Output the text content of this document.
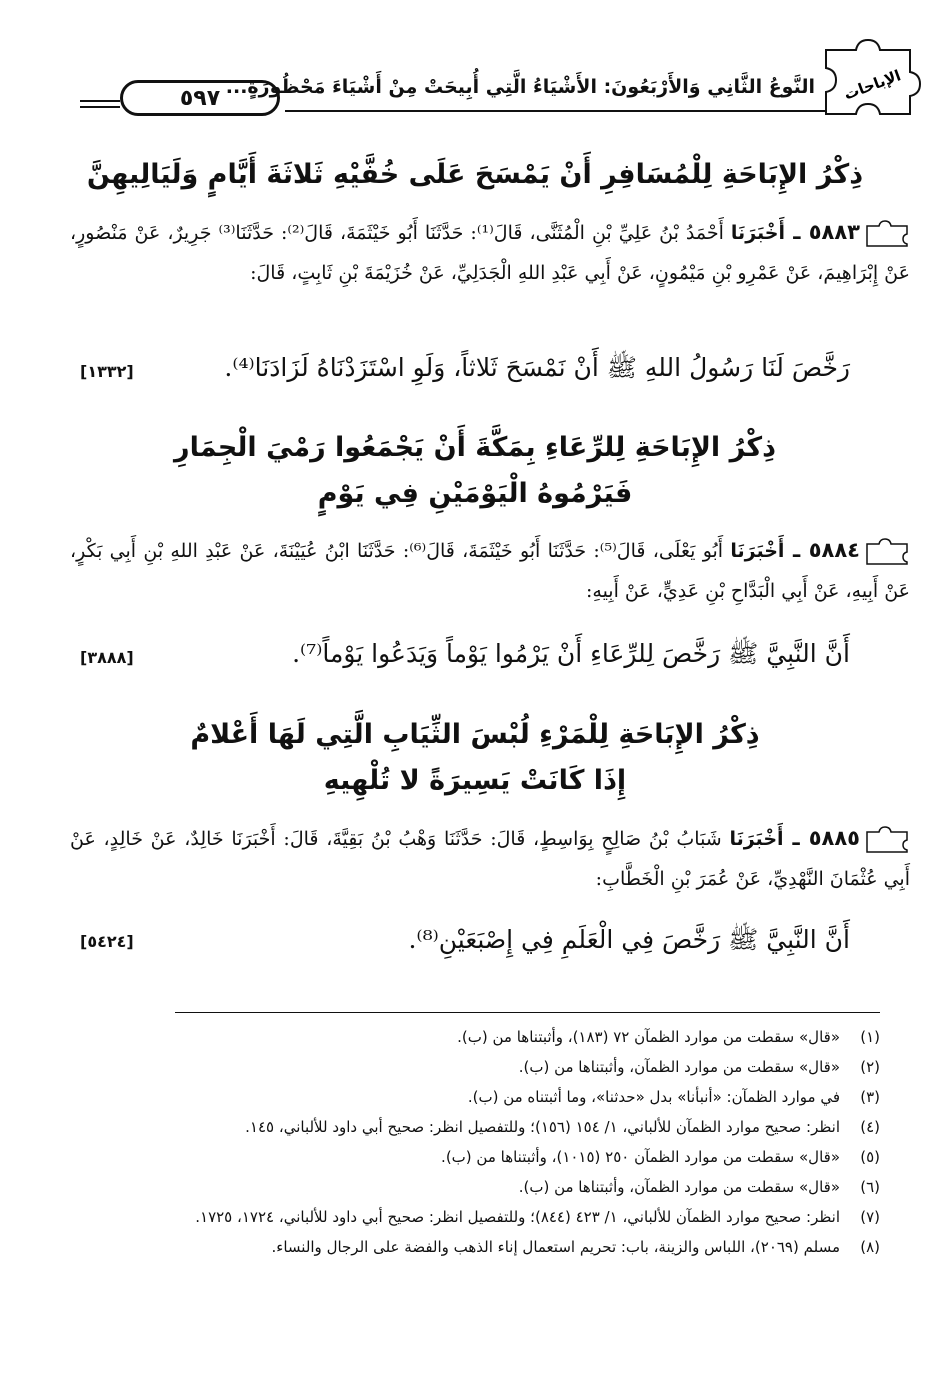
٥٩٧ النَّوعُ الثَّانِي وَالأَرْبَعُونَ: الأَشْيَاءُ الَّتِي أُبِيحَتْ مِنْ أَشْيَاءَ مَحْظُورَةٍ... الإباحات
ذِكْرُ الإِبَاحَةِ لِلْمُسَافِرِ أَنْ يَمْسَحَ عَلَى خُفَّيْهِ ثَلاثَةَ أَيَّامٍ وَلَيَالِيهِنَّ
٥٨٨٣ ـ أَخْبَرَنَا أَحْمَدُ بْنُ عَلِيِّ بْنِ الْمُثَنَّى، قَالَ⁽¹⁾: حَدَّثَنَا أَبُو خَيْثَمَةَ، قَالَ⁽²⁾: حَدَّثَنَا⁽³⁾ جَرِيرٌ، عَنْ مَنْصُورٍ، عَنْ إِبْرَاهِيمَ، عَنْ عَمْرِو بْنِ مَيْمُونٍ، عَنْ أَبِي عَبْدِ اللهِ الْجَدَلِيِّ، عَنْ خُزَيْمَةَ بْنِ ثَابِتٍ، قَالَ:
رَخَّصَ لَنَا رَسُولُ اللهِ ﷺ أَنْ نَمْسَحَ ثَلاثاً، وَلَوِ اسْتَزَدْنَاهُ لَزَادَنَا⁽⁴⁾.
[١٣٣٢]
ذِكْرُ الإِبَاحَةِ لِلرِّعَاءِ بِمَكَّةَ أَنْ يَجْمَعُوا رَمْيَ الْجِمَارِ
فَيَرْمُوهُ الْيَوْمَيْنِ فِي يَوْمٍ
٥٨٨٤ ـ أَخْبَرَنَا أَبُو يَعْلَى، قَالَ⁽⁵⁾: حَدَّثَنَا أَبُو خَيْثَمَةَ، قَالَ⁽⁶⁾: حَدَّثَنَا ابْنُ عُيَيْنَةَ، عَنْ عَبْدِ اللهِ بْنِ أَبِي بَكْرٍ، عَنْ أَبِيهِ، عَنْ أَبِي الْبَدَّاحِ بْنِ عَدِيٍّ، عَنْ أَبِيهِ:
أَنَّ النَّبِيَّ ﷺ رَخَّصَ لِلرِّعَاءِ أَنْ يَرْمُوا يَوْماً وَيَدَعُوا يَوْماً⁽⁷⁾.
[٣٨٨٨]
ذِكْرُ الإِبَاحَةِ لِلْمَرْءِ لُبْسَ الثِّيَابِ الَّتِي لَهَا أَعْلامٌ
إِذَا كَانَتْ يَسِيرَةً لا تُلْهِيهِ
٥٨٨٥ ـ أَخْبَرَنَا شَبَابُ بْنُ صَالِحٍ بِوَاسِطٍ، قَالَ: حَدَّثَنَا وَهْبُ بْنُ بَقِيَّةَ، قَالَ: أَخْبَرَنَا خَالِدٌ، عَنْ خَالِدٍ، عَنْ أَبِي عُثْمَانَ النَّهْدِيِّ، عَنْ عُمَرَ بْنِ الْخَطَّابِ:
أَنَّ النَّبِيَّ ﷺ رَخَّصَ فِي الْعَلَمِ فِي إِصْبَعَيْنِ⁽⁸⁾.
[٥٤٢٤]
(١)
«قال» سقطت من موارد الظمآن ٧٢ (١٨٣)، وأثبتناها من (ب).
(٢)
«قال» سقطت من موارد الظمآن، وأثبتناها من (ب).
(٣)
في موارد الظمآن: «أنبأنا» بدل «حدثنا»، وما أثبتناه من (ب).
(٤)
انظر: صحيح موارد الظمآن للألباني، ١/ ١٥٤ (١٥٦)؛ وللتفصيل انظر: صحيح أبي داود للألباني، ١٤٥.
(٥)
«قال» سقطت من موارد الظمآن ٢٥٠ (١٠١٥)، وأثبتناها من (ب).
(٦)
«قال» سقطت من موارد الظمآن، وأثبتناها من (ب).
(٧)
انظر: صحيح موارد الظمآن للألباني، ١/ ٤٢٣ (٨٤٤)؛ وللتفصيل انظر: صحيح أبي داود للألباني، ١٧٢٤، ١٧٢٥.
(٨)
مسلم (٢٠٦٩)، اللباس والزينة، باب: تحريم استعمال إناء الذهب والفضة على الرجال والنساء.
